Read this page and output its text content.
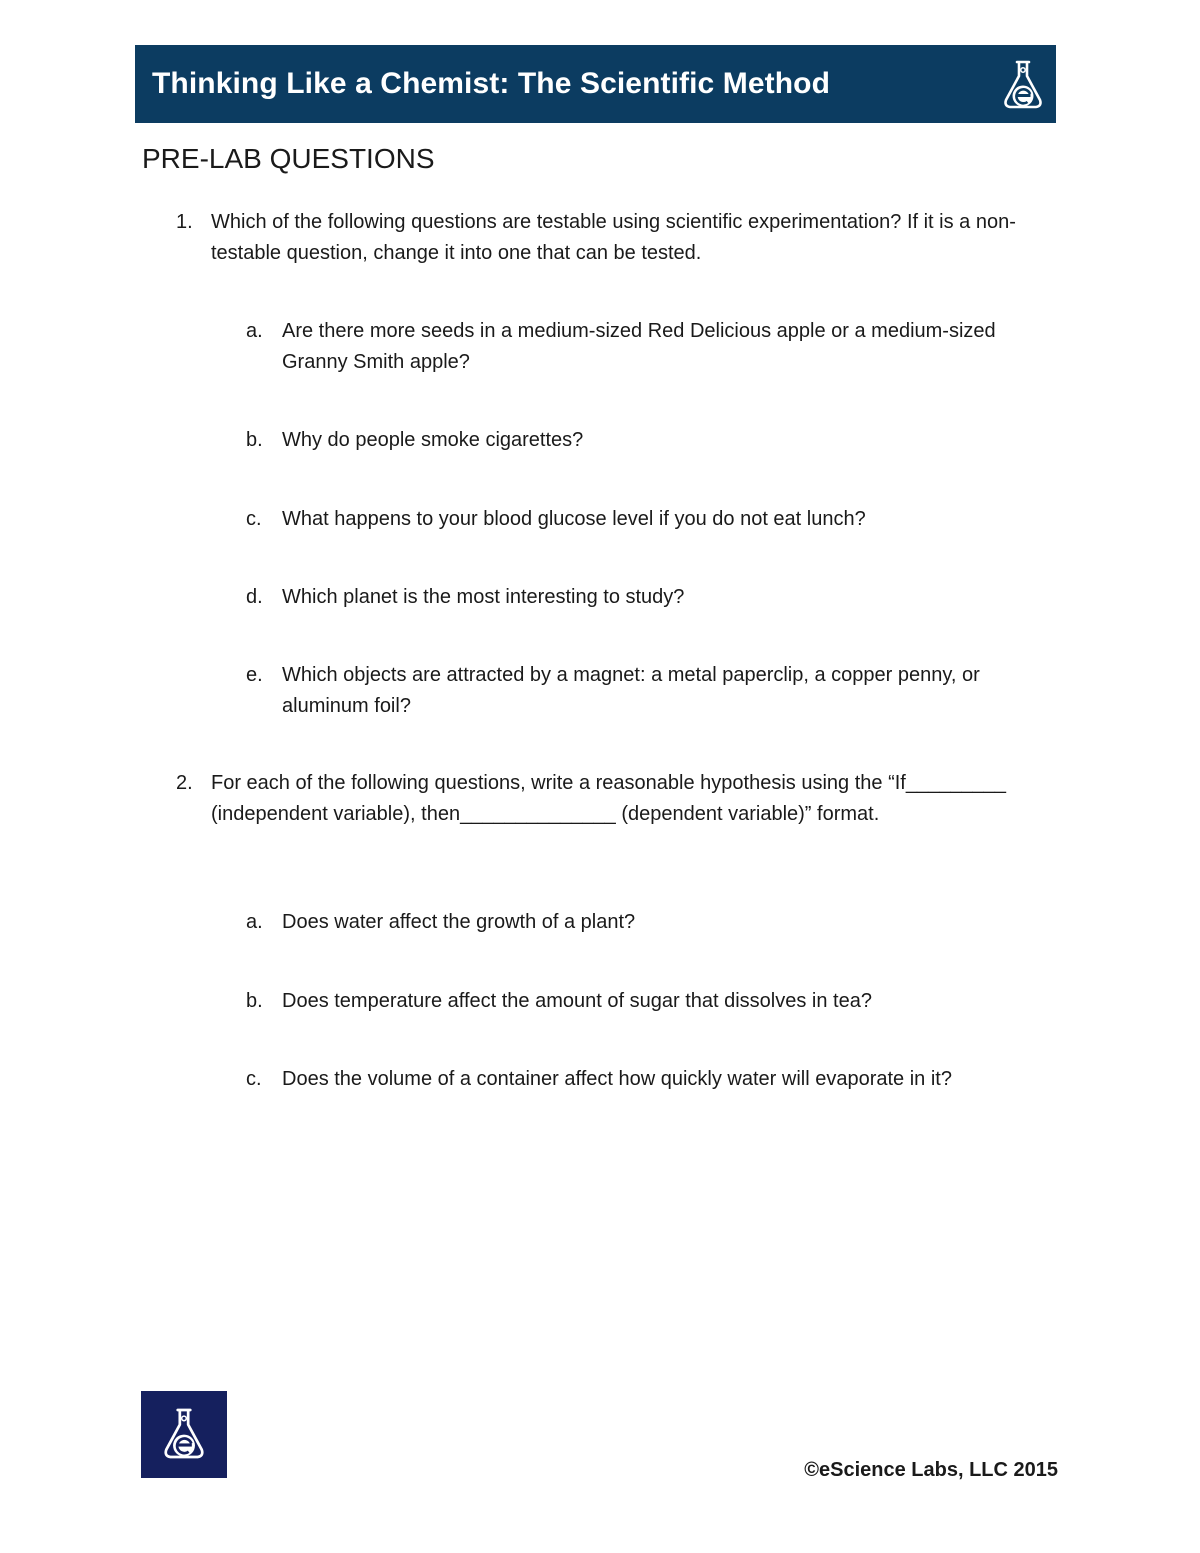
Thinking Like a Chemist: The Scientific Method
PRE-LAB QUESTIONS
1. Which of the following questions are testable using scientific experimentation? If it is a non-testable question, change it into one that can be tested.
a. Are there more seeds in a medium-sized Red Delicious apple or a medium-sized Granny Smith apple?
b. Why do people smoke cigarettes?
c. What happens to your blood glucose level if you do not eat lunch?
d. Which planet is the most interesting to study?
e. Which objects are attracted by a magnet: a metal paperclip, a copper penny, or aluminum foil?
2. For each of the following questions, write a reasonable hypothesis using the “If_________ (independent variable), then______________ (dependent variable)” format.
a. Does water affect the growth of a plant?
b. Does temperature affect the amount of sugar that dissolves in tea?
c. Does the volume of a container affect how quickly water will evaporate in it?
©eScience Labs, LLC 2015
